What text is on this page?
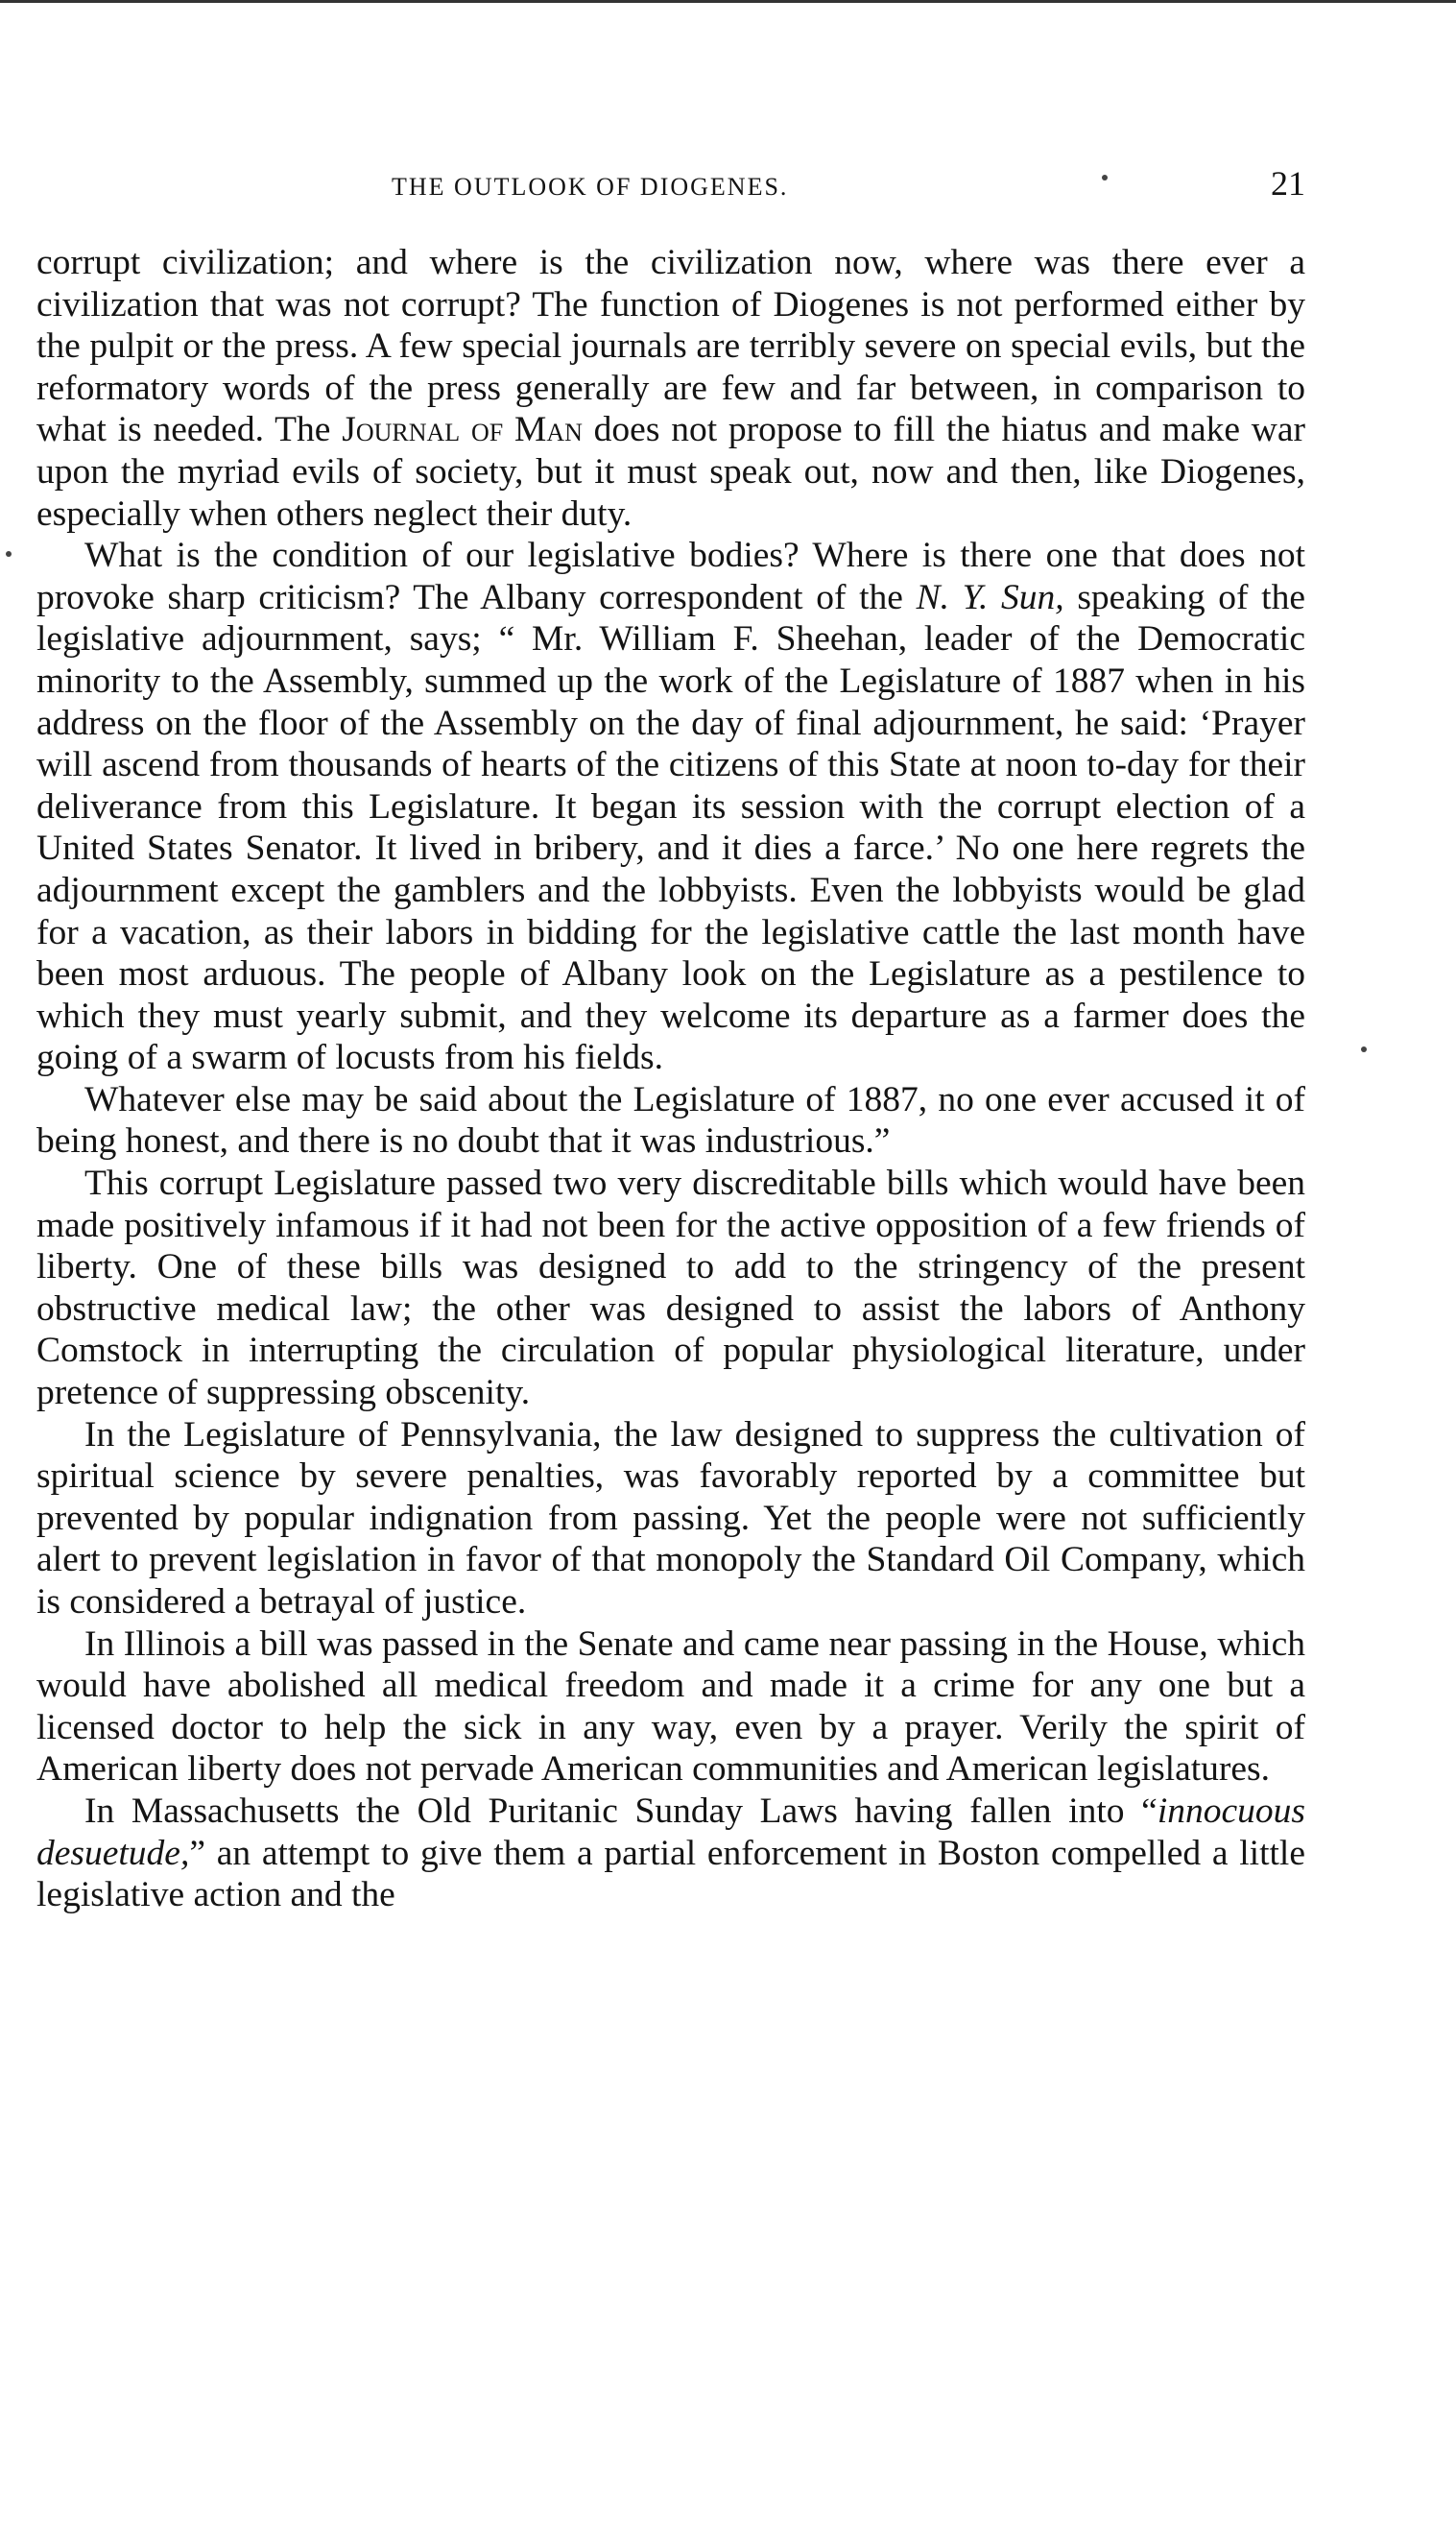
THE OUTLOOK OF DIOGENES.	21

corrupt civilization; and where is the civilization now, where was there ever a civilization that was not corrupt? The function of Diogenes is not performed either by the pulpit or the press. A few special journals are terribly severe on special evils, but the reformatory words of the press generally are few and far between, in comparison to what is needed. The Journal of Man does not propose to fill the hiatus and make war upon the myriad evils of society, but it must speak out, now and then, like Diogenes, especially when others neglect their duty.

What is the condition of our legislative bodies? Where is there one that does not provoke sharp criticism? The Albany correspondent of the N. Y. Sun, speaking of the legislative adjournment, says; “ Mr. William F. Sheehan, leader of the Democratic minority to the Assembly, summed up the work of the Legislature of 1887 when in his address on the floor of the Assembly on the day of final adjournment, he said: ‘Prayer will ascend from thousands of hearts of the citizens of this State at noon to-day for their deliverance from this Legislature. It began its session with the corrupt election of a United States Senator. It lived in bribery, and it dies a farce.’ No one here regrets the adjournment except the gamblers and the lobbyists. Even the lobbyists would be glad for a vacation, as their labors in bidding for the legislative cattle the last month have been most arduous. The people of Albany look on the Legislature as a pestilence to which they must yearly submit, and they welcome its departure as a farmer does the going of a swarm of locusts from his fields.

Whatever else may be said about the Legislature of 1887, no one ever accused it of being honest, and there is no doubt that it was industrious.”

This corrupt Legislature passed two very discreditable bills which would have been made positively infamous if it had not been for the active opposition of a few friends of liberty. One of these bills was designed to add to the stringency of the present obstructive medical law; the other was designed to assist the labors of Anthony Comstock in interrupting the circulation of popular physiological literature, under pretence of suppressing obscenity.

In the Legislature of Pennsylvania, the law designed to suppress the cultivation of spiritual science by severe penalties, was favorably reported by a committee but prevented by popular indignation from passing. Yet the people were not sufficiently alert to prevent legislation in favor of that monopoly the Standard Oil Company, which is considered a betrayal of justice.

In Illinois a bill was passed in the Senate and came near passing in the House, which would have abolished all medical freedom and made it a crime for any one but a licensed doctor to help the sick in any way, even by a prayer. Verily the spirit of American liberty does not pervade American communities and American legislatures.

In Massachusetts the Old Puritanic Sunday Laws having fallen into “innocuous desuetude,” an attempt to give them a partial enforcement in Boston compelled a little legislative action and the
